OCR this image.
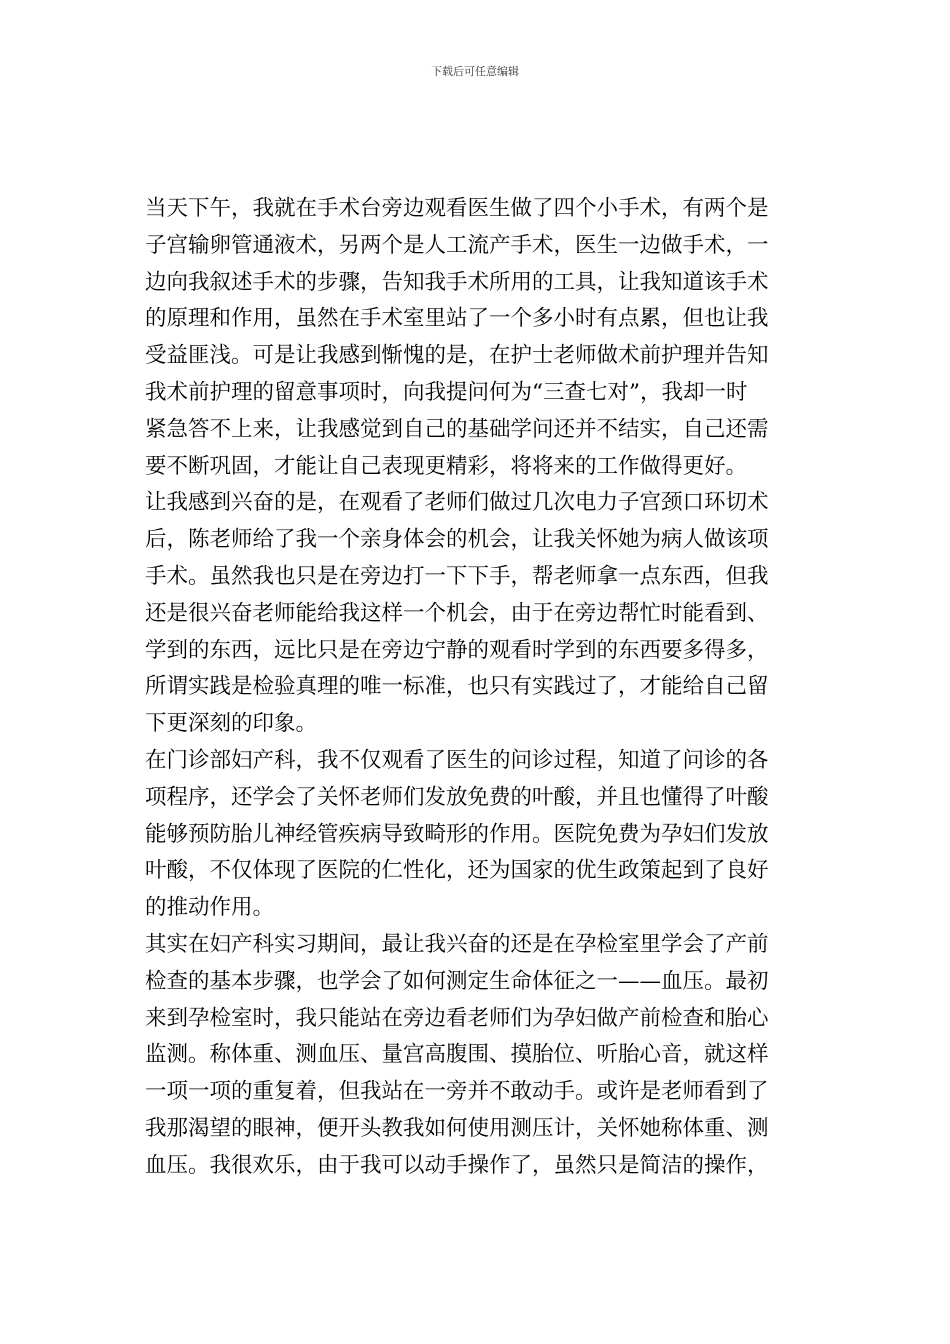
下载后可任意编辑
当天下午，我就在手术台旁边观看医生做了四个小手术，有两个是
子宫输卵管通液术，另两个是人工流产手术，医生一边做手术，一
边向我叙述手术的步骤，告知我手术所用的工具，让我知道该手术
的原理和作用，虽然在手术室里站了一个多小时有点累，但也让我
受益匪浅。可是让我感到惭愧的是，在护士老师做术前护理并告知
我术前护理的留意事项时，向我提问何为“三查七对”，我却一时
紧急答不上来，让我感觉到自己的基础学问还并不结实，自己还需
要不断巩固，才能让自己表现更精彩，将将来的工作做得更好。
让我感到兴奋的是，在观看了老师们做过几次电力子宫颈口环切术
后，陈老师给了我一个亲身体会的机会，让我关怀她为病人做该项
手术。虽然我也只是在旁边打一下下手，帮老师拿一点东西，但我
还是很兴奋老师能给我这样一个机会，由于在旁边帮忙时能看到、
学到的东西，远比只是在旁边宁静的观看时学到的东西要多得多，
所谓实践是检验真理的唯一标准，也只有实践过了，才能给自己留
下更深刻的印象。
在门诊部妇产科，我不仅观看了医生的问诊过程，知道了问诊的各
项程序，还学会了关怀老师们发放免费的叶酸，并且也懂得了叶酸
能够预防胎儿神经管疾病导致畸形的作用。医院免费为孕妇们发放
叶酸，不仅体现了医院的仁性化，还为国家的优生政策起到了良好
的推动作用。
其实在妇产科实习期间，最让我兴奋的还是在孕检室里学会了产前
检查的基本步骤，也学会了如何测定生命体征之一——血压。最初
来到孕检室时，我只能站在旁边看老师们为孕妇做产前检查和胎心
监测。称体重、测血压、量宫高腹围、摸胎位、听胎心音，就这样
一项一项的重复着，但我站在一旁并不敢动手。或许是老师看到了
我那渴望的眼神，便开头教我如何使用测压计，关怀她称体重、测
血压。我很欢乐，由于我可以动手操作了，虽然只是简洁的操作，
